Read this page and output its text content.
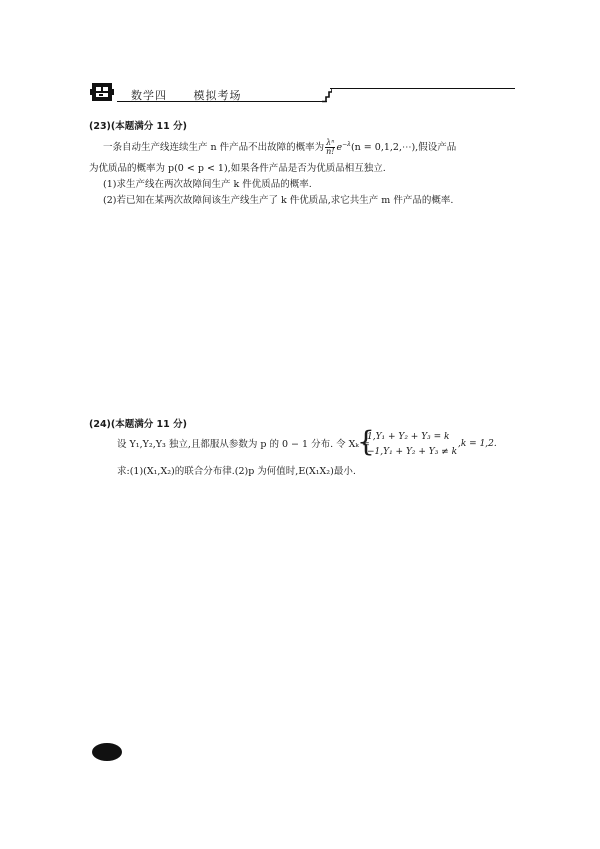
数学四 模拟考场
(23)(本题满分 11 分)
一条自动生产线连续生产 n 件产品不出故障的概率为 $\frac{\text{λⁿ}}{n!} e^{-\lambda}(n$ = 0,1,2,⋯),假设产品
为优质品的概率为 p(0 < p < 1),如果各件产品是否为优质品相互独立.
(1)求生产线在两次故障间生产 k 件优质品的概率.
(2)若已知在某两次故障间该生产线生产了 k 件优质品,求它共生产 m 件产品的概率.
(24)(本题满分 11 分)
设 Y₁,Y₂,Y₃ 独立,且都服从参数为 p 的 0 − 1 分布. 令 Xₖ =
{
1,Y₁ + Y₂ + Y₃ = k
−1,Y₁ + Y₂ + Y₃ ≠ k
,k = 1,2.
求:(1)(X₁,X₂)的联合分布律.(2)p 为何值时,E(X₁X₂)最小.
